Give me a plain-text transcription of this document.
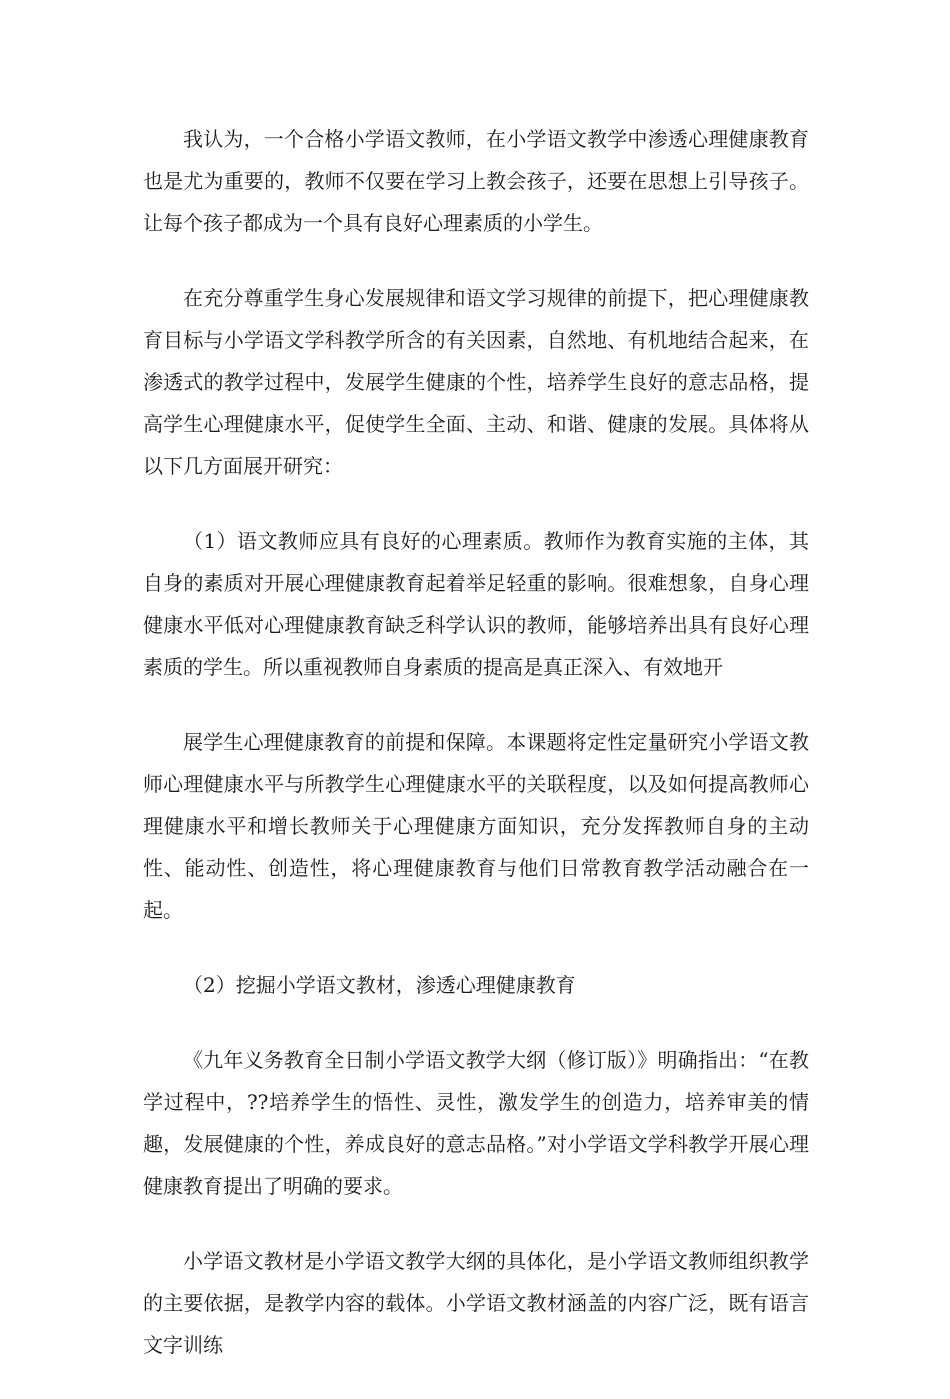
我认为，一个合格小学语文教师，在小学语文教学中渗透心理健康教育也是尤为重要的，教师不仅要在学习上教会孩子，还要在思想上引导孩子。让每个孩子都成为一个具有良好心理素质的小学生。

在充分尊重学生身心发展规律和语文学习规律的前提下，把心理健康教育目标与小学语文学科教学所含的有关因素，自然地、有机地结合起来，在渗透式的教学过程中，发展学生健康的个性，培养学生良好的意志品格，提高学生心理健康水平，促使学生全面、主动、和谐、健康的发展。具体将从以下几方面展开研究：

（1）语文教师应具有良好的心理素质。教师作为教育实施的主体，其自身的素质对开展心理健康教育起着举足轻重的影响。很难想象，自身心理健康水平低对心理健康教育缺乏科学认识的教师，能够培养出具有良好心理素质的学生。所以重视教师自身素质的提高是真正深入、有效地开

展学生心理健康教育的前提和保障。本课题将定性定量研究小学语文教师心理健康水平与所教学生心理健康水平的关联程度，以及如何提高教师心理健康水平和增长教师关于心理健康方面知识，充分发挥教师自身的主动性、能动性、创造性，将心理健康教育与他们日常教育教学活动融合在一起。

（2）挖掘小学语文教材，渗透心理健康教育

《九年义务教育全日制小学语文教学大纲（修订版）》明确指出：“在教学过程中，??培养学生的悟性、灵性，激发学生的创造力，培养审美的情趣，发展健康的个性，养成良好的意志品格。”对小学语文学科教学开展心理健康教育提出了明确的要求。

小学语文教材是小学语文教学大纲的具体化，是小学语文教师组织教学的主要依据，是教学内容的载体。小学语文教材涵盖的内容广泛，既有语言文字训练
